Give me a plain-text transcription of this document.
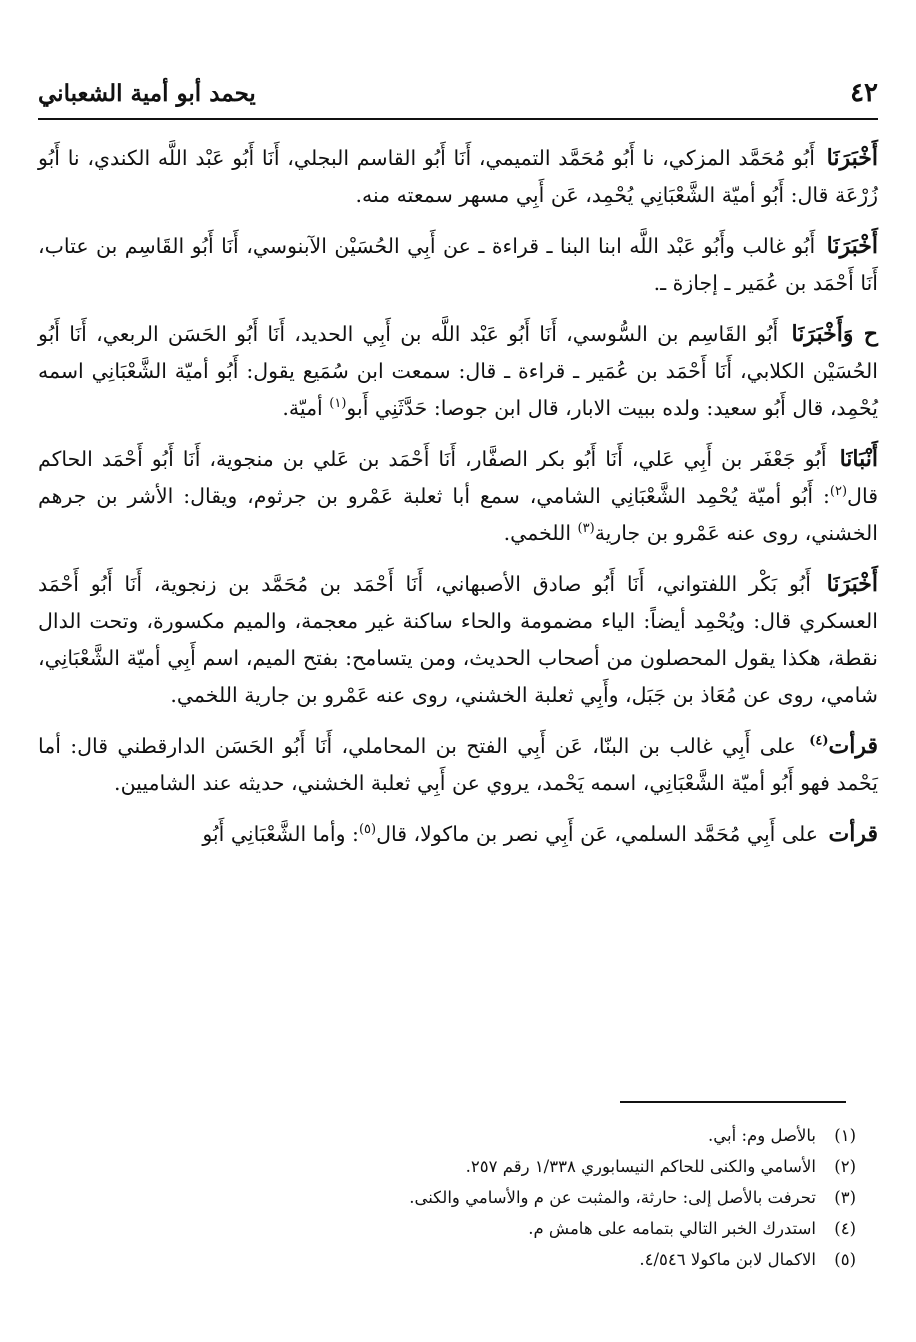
٤٢
يحمد أبو أمية الشعباني

أَخْبَرَنَا أَبُو مُحَمَّد المزكي، نا أَبُو مُحَمَّد التميمي، أَنَا أَبُو القاسم البجلي، أَنَا أَبُو عَبْد اللَّه الكندي، نا أَبُو زُرْعَة قال: أَبُو أميّة الشَّعْبَانِي يُحْمِد، عَن أَبِي مسهر سمعته منه.

أَخْبَرَنَا أَبُو غالب وأَبُو عَبْد اللَّه ابنا البنا ـ قراءة ـ عن أَبِي الحُسَيْن الآبنوسي، أَنَا أَبُو القَاسِم بن عتاب، أَنَا أَحْمَد بن عُمَير ـ إجازة ـ.

ح وَأَخْبَرَنَا أَبُو القَاسِم بن السُّوسي، أَنَا أَبُو عَبْد اللَّه بن أَبِي الحديد، أَنَا أَبُو الحَسَن الربعي، أَنَا أَبُو الحُسَيْن الكلابي، أَنَا أَحْمَد بن عُمَير ـ قراءة ـ قال: سمعت ابن سُمَيع يقول: أَبُو أميّة الشَّعْبَانِي اسمه يُحْمِد، قال أَبُو سعيد: ولده ببيت الابار، قال ابن جوصا: حَدَّثَنِي أَبو$^{(١)}$ أميّة.

أَنْبَانَا أَبُو جَعْفَر بن أَبِي عَلي، أَنَا أَبُو بكر الصفَّار، أَنَا أَحْمَد بن عَلي بن منجوية، أَنَا أَبُو أَحْمَد الحاكم قال$^{(٢)}$: أَبُو أميّة يُحْمِد الشَّعْبَانِي الشامي، سمع أبا ثعلبة عَمْرو بن جرثوم، ويقال: الأشر بن جرهم الخشني، روى عنه عَمْرو بن جارية$^{(٣)}$ اللخمي.

أَخْبَرَنَا أَبُو بَكْر اللفتواني، أَنَا أَبُو صادق الأصبهاني، أَنَا أَحْمَد بن مُحَمَّد بن زنجوية، أَنَا أَبُو أَحْمَد العسكري قال: ويُحْمِد أيضاً: الياء مضمومة والحاء ساكنة غير معجمة، والميم مكسورة، وتحت الدال نقطة، هكذا يقول المحصلون من أصحاب الحديث، ومن يتسامح: بفتح الميم، اسم أَبِي أميّة الشَّعْبَانِي، شامي، روى عن مُعَاذ بن جَبَل، وأَبِي ثعلبة الخشني، روى عنه عَمْرو بن جارية اللخمي.

قرأت$^{(٤)}$ على أَبِي غالب بن البنّا، عَن أَبِي الفتح بن المحاملي، أَنَا أَبُو الحَسَن الدارقطني قال: أما يَحْمد فهو أَبُو أميّة الشَّعْبَانِي، اسمه يَحْمد، يروي عن أَبِي ثعلبة الخشني، حديثه عند الشاميين.

قرأت على أَبِي مُحَمَّد السلمي، عَن أَبِي نصر بن ماكولا، قال$^{(٥)}$: وأما الشَّعْبَانِي أَبُو

(١)بالأصل وم: أبي.
(٢)الأسامي والكنى للحاكم النيسابوري ١/٣٣٨ رقم ٢٥٧.
(٣)تحرفت بالأصل إلى: حارثة، والمثبت عن م والأسامي والكنى.
(٤)استدرك الخبر التالي بتمامه على هامش م.
(٥)الاكمال لابن ماكولا ٤/٥٤٦.
